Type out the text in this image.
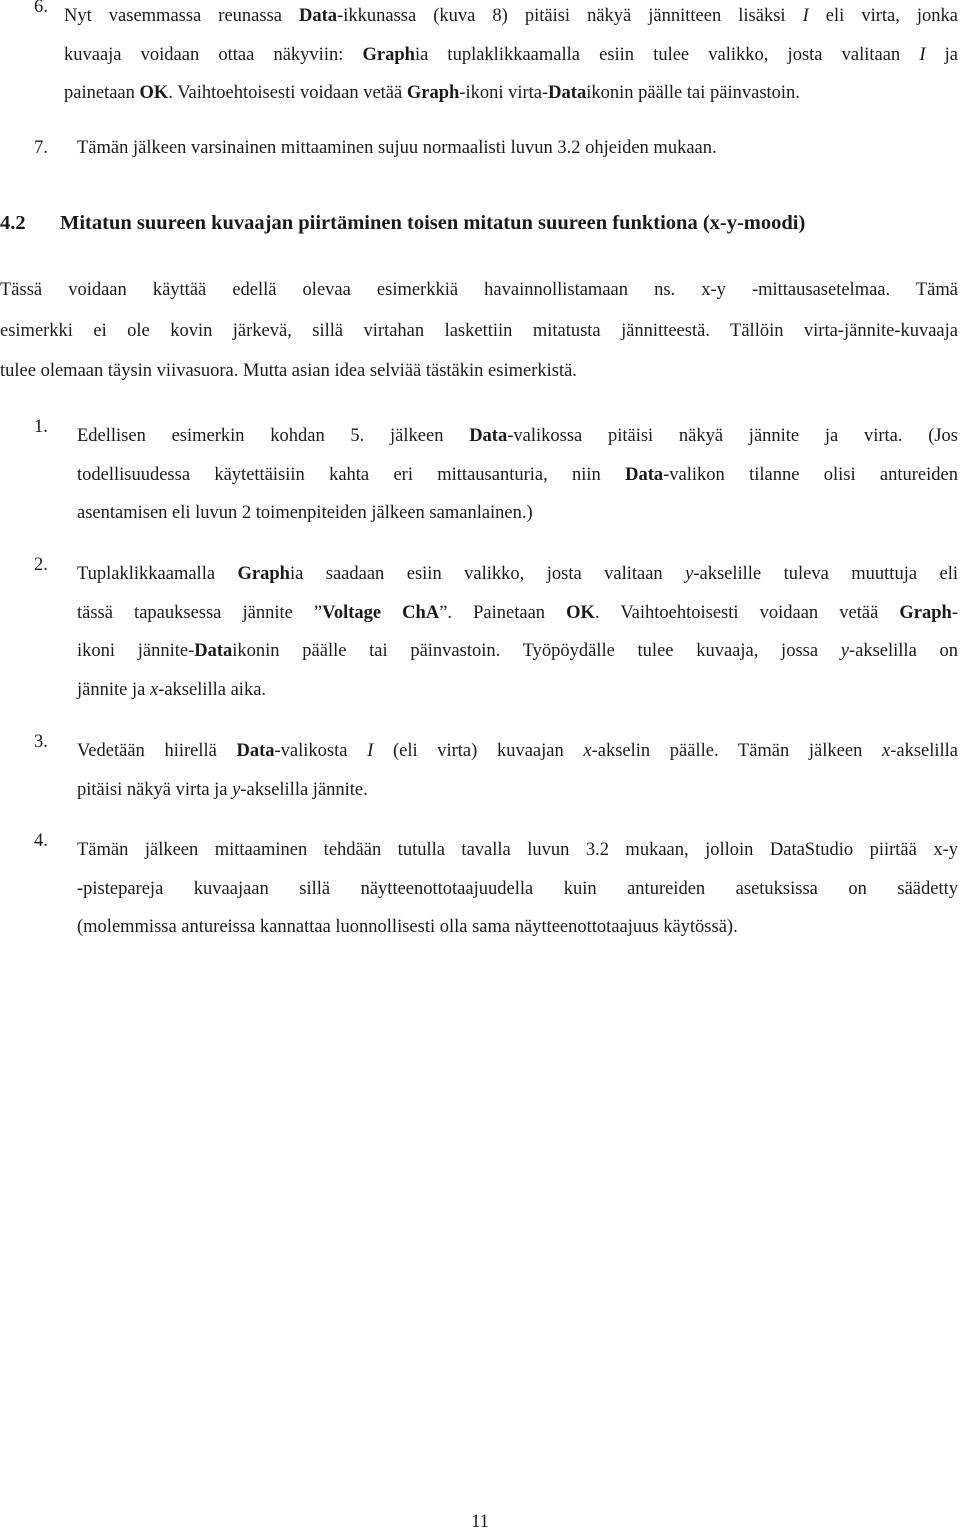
6. Nyt vasemmassa reunassa Data-ikkunassa (kuva 8) pitäisi näkyä jännitteen lisäksi I eli virta, jonka
kuvaaja voidaan ottaa näkyviin: Graphia tuplaklikkaamalla esiin tulee valikko, josta valitaan I ja
painetaan OK. Vaihtoehtoisesti voidaan vetää Graph-ikoni virta-Dataikonin päälle tai päinvastoin.
7. Tämän jälkeen varsinainen mittaaminen sujuu normaalisti luvun 3.2 ohjeiden mukaan.
4.2 Mitatun suureen kuvaajan piirtäminen toisen mitatun suureen funktiona (x-y-moodi)
Tässä voidaan käyttää edellä olevaa esimerkkiä havainnollistamaan ns. x-y -mittausasetelmaa. Tämä
esimerkki ei ole kovin järkevä, sillä virtahan laskettiin mitatusta jännitteestä. Tällöin virta-jännite-kuvaaja
tulee olemaan täysin viivasuora. Mutta asian idea selviää tästäkin esimerkistä.
1. Edellisen esimerkin kohdan 5. jälkeen Data-valikossa pitäisi näkyä jännite ja virta. (Jos
todellisuudessa käytettäisiin kahta eri mittausanturia, niin Data-valikon tilanne olisi antureiden
asentamisen eli luvun 2 toimenpiteiden jälkeen samanlainen.)
2. Tuplaklikkaamalla Graphia saadaan esiin valikko, josta valitaan y-akselille tuleva muuttuja eli
tässä tapauksessa jännite ”Voltage ChA”. Painetaan OK. Vaihtoehtoisesti voidaan vetää Graph-
ikoni jännite-Dataikonin päälle tai päinvastoin. Työpöydälle tulee kuvaaja, jossa y-akselilla on
jännite ja x-akselilla aika.
3. Vedetään hiirellä Data-valikosta I (eli virta) kuvaajan x-akselin päälle. Tämän jälkeen x-akselilla
pitäisi näkyä virta ja y-akselilla jännite.
4. Tämän jälkeen mittaaminen tehdään tutulla tavalla luvun 3.2 mukaan, jolloin DataStudio piirtää x-y
-pistepareja kuvaajaan sillä näytteenottotaajuudella kuin antureiden asetuksissa on säädetty
(molemmissa antureissa kannattaa luonnollisesti olla sama näytteenottotaajuus käytössä).
11
